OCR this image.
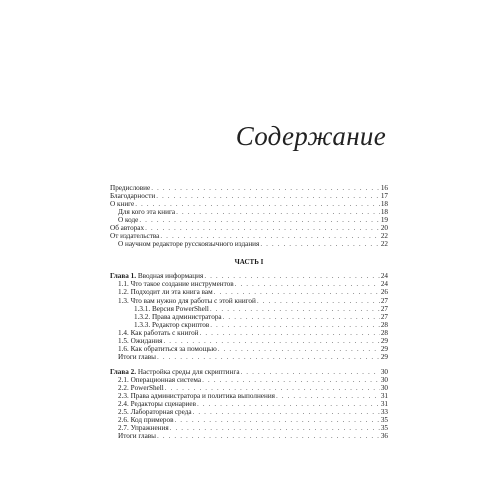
Содержание
Предисловие . . .	16
Благодарности . . .	17
О книге . . .	18
Для кого эта книга . . .	18
О коде . . .	19
Об авторах . . .	20
От издательства . . .	22
О научном редакторе русскоязычного издания . . .	22
ЧАСТЬ I
Глава 1. Вводная информация . . .	24
1.1. Что такое создание инструментов . . .	24
1.2. Подходит ли эта книга вам . . .	26
1.3. Что вам нужно для работы с этой книгой . . .	27
1.3.1. Версия PowerShell . . .	27
1.3.2. Права администратора . . .	27
1.3.3. Редактор скриптов . . .	28
1.4. Как работать с книгой . . .	28
1.5. Ожидания . . .	29
1.6. Как обратиться за помощью . . .	29
Итоги главы . . .	29
Глава 2. Настройка среды для скриптинга . . .	30
2.1. Операционная система . . .	30
2.2. PowerShell . . .	30
2.3. Права администратора и политика выполнения . . .	31
2.4. Редакторы сценариев . . .	31
2.5. Лабораторная среда . . .	33
2.6. Код примеров . . .	35
2.7. Упражнения . . .	35
Итоги главы . . .	36
